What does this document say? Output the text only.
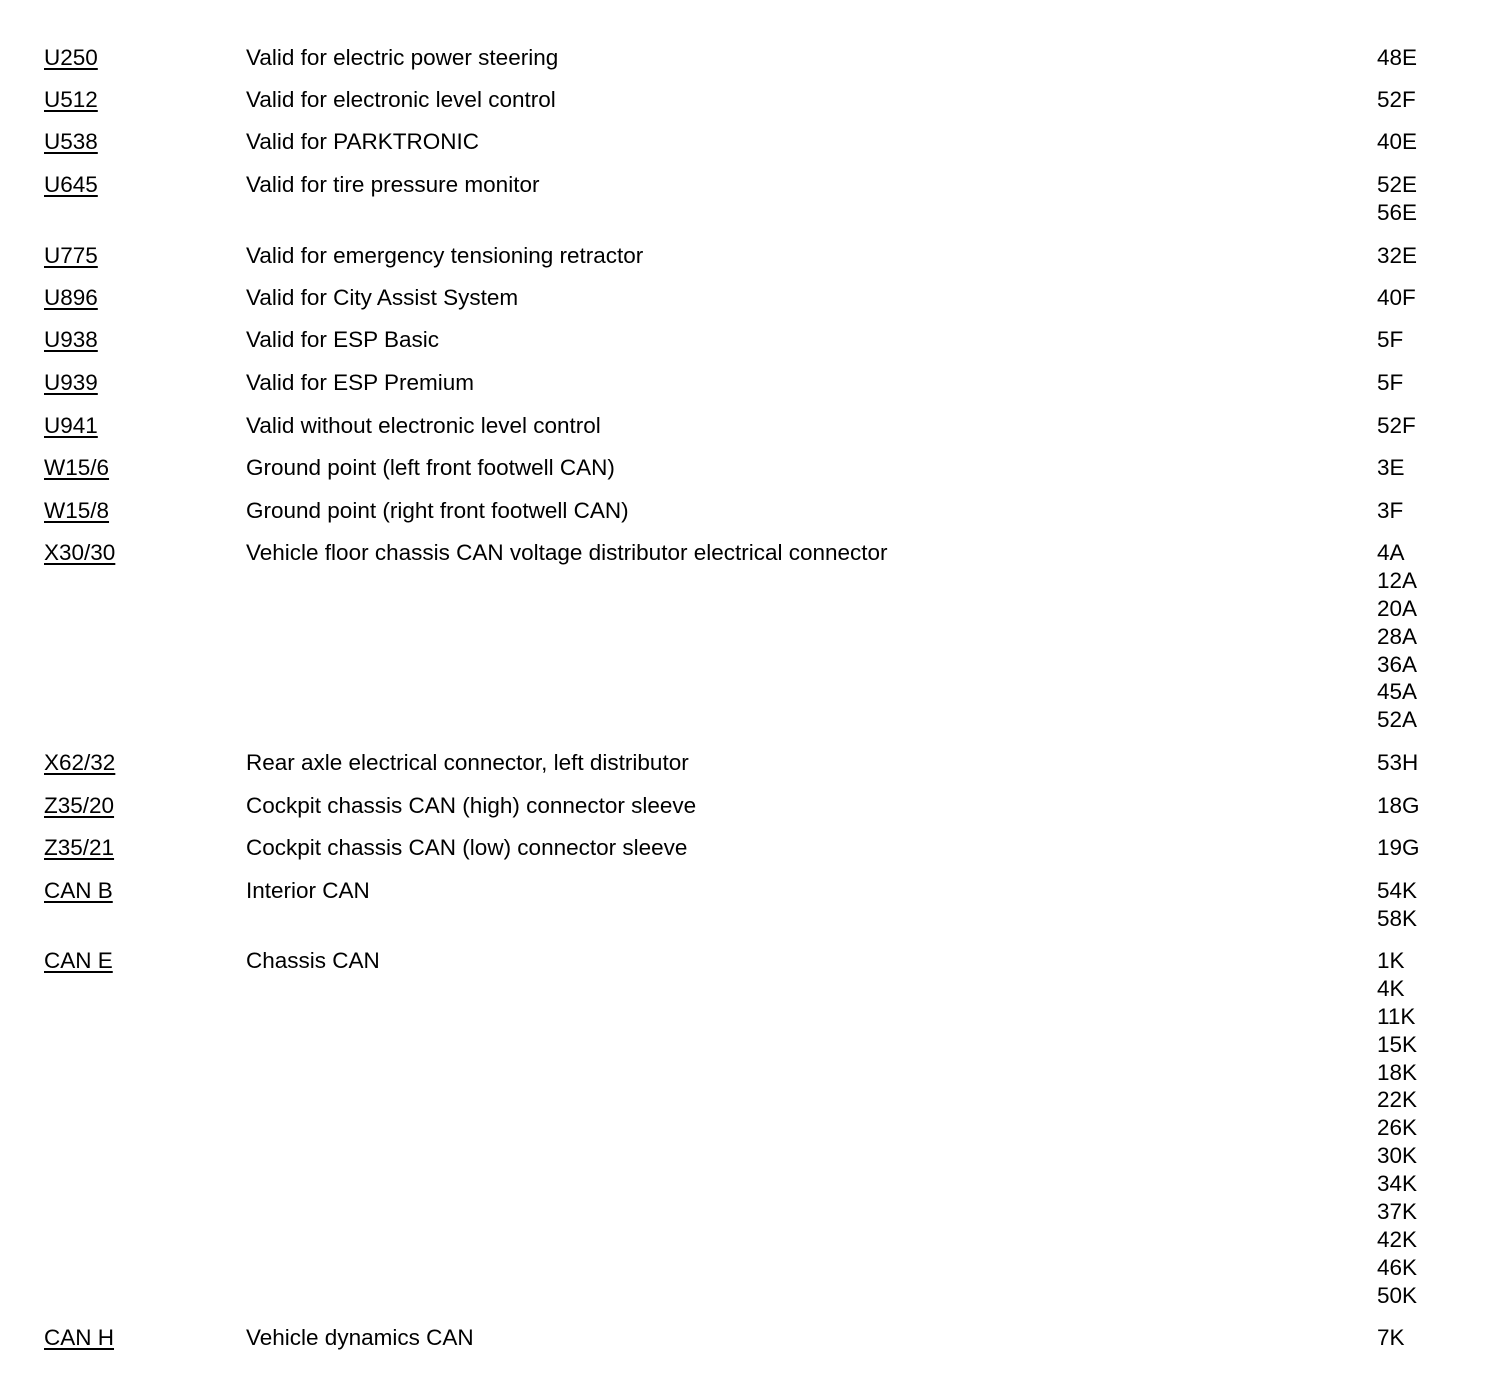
U250	Valid for electric power steering	48E
U512	Valid for electronic level control	52F
U538	Valid for PARKTRONIC	40E
U645	Valid for tire pressure monitor	52E
56E
U775	Valid for emergency tensioning retractor	32E
U896	Valid for City Assist System	40F
U938	Valid for ESP Basic	5F
U939	Valid for ESP Premium	5F
U941	Valid without electronic level control	52F
W15/6	Ground point (left front footwell CAN)	3E
W15/8	Ground point (right front footwell CAN)	3F
X30/30	Vehicle floor chassis CAN voltage distributor electrical connector	4A
12A
20A
28A
36A
45A
52A
X62/32	Rear axle electrical connector, left distributor	53H
Z35/20	Cockpit chassis CAN (high) connector sleeve	18G
Z35/21	Cockpit chassis CAN (low) connector sleeve	19G
CAN B	Interior CAN	54K
58K
CAN E	Chassis CAN	1K
4K
11K
15K
18K
22K
26K
30K
34K
37K
42K
46K
50K
CAN H	Vehicle dynamics CAN	7K
